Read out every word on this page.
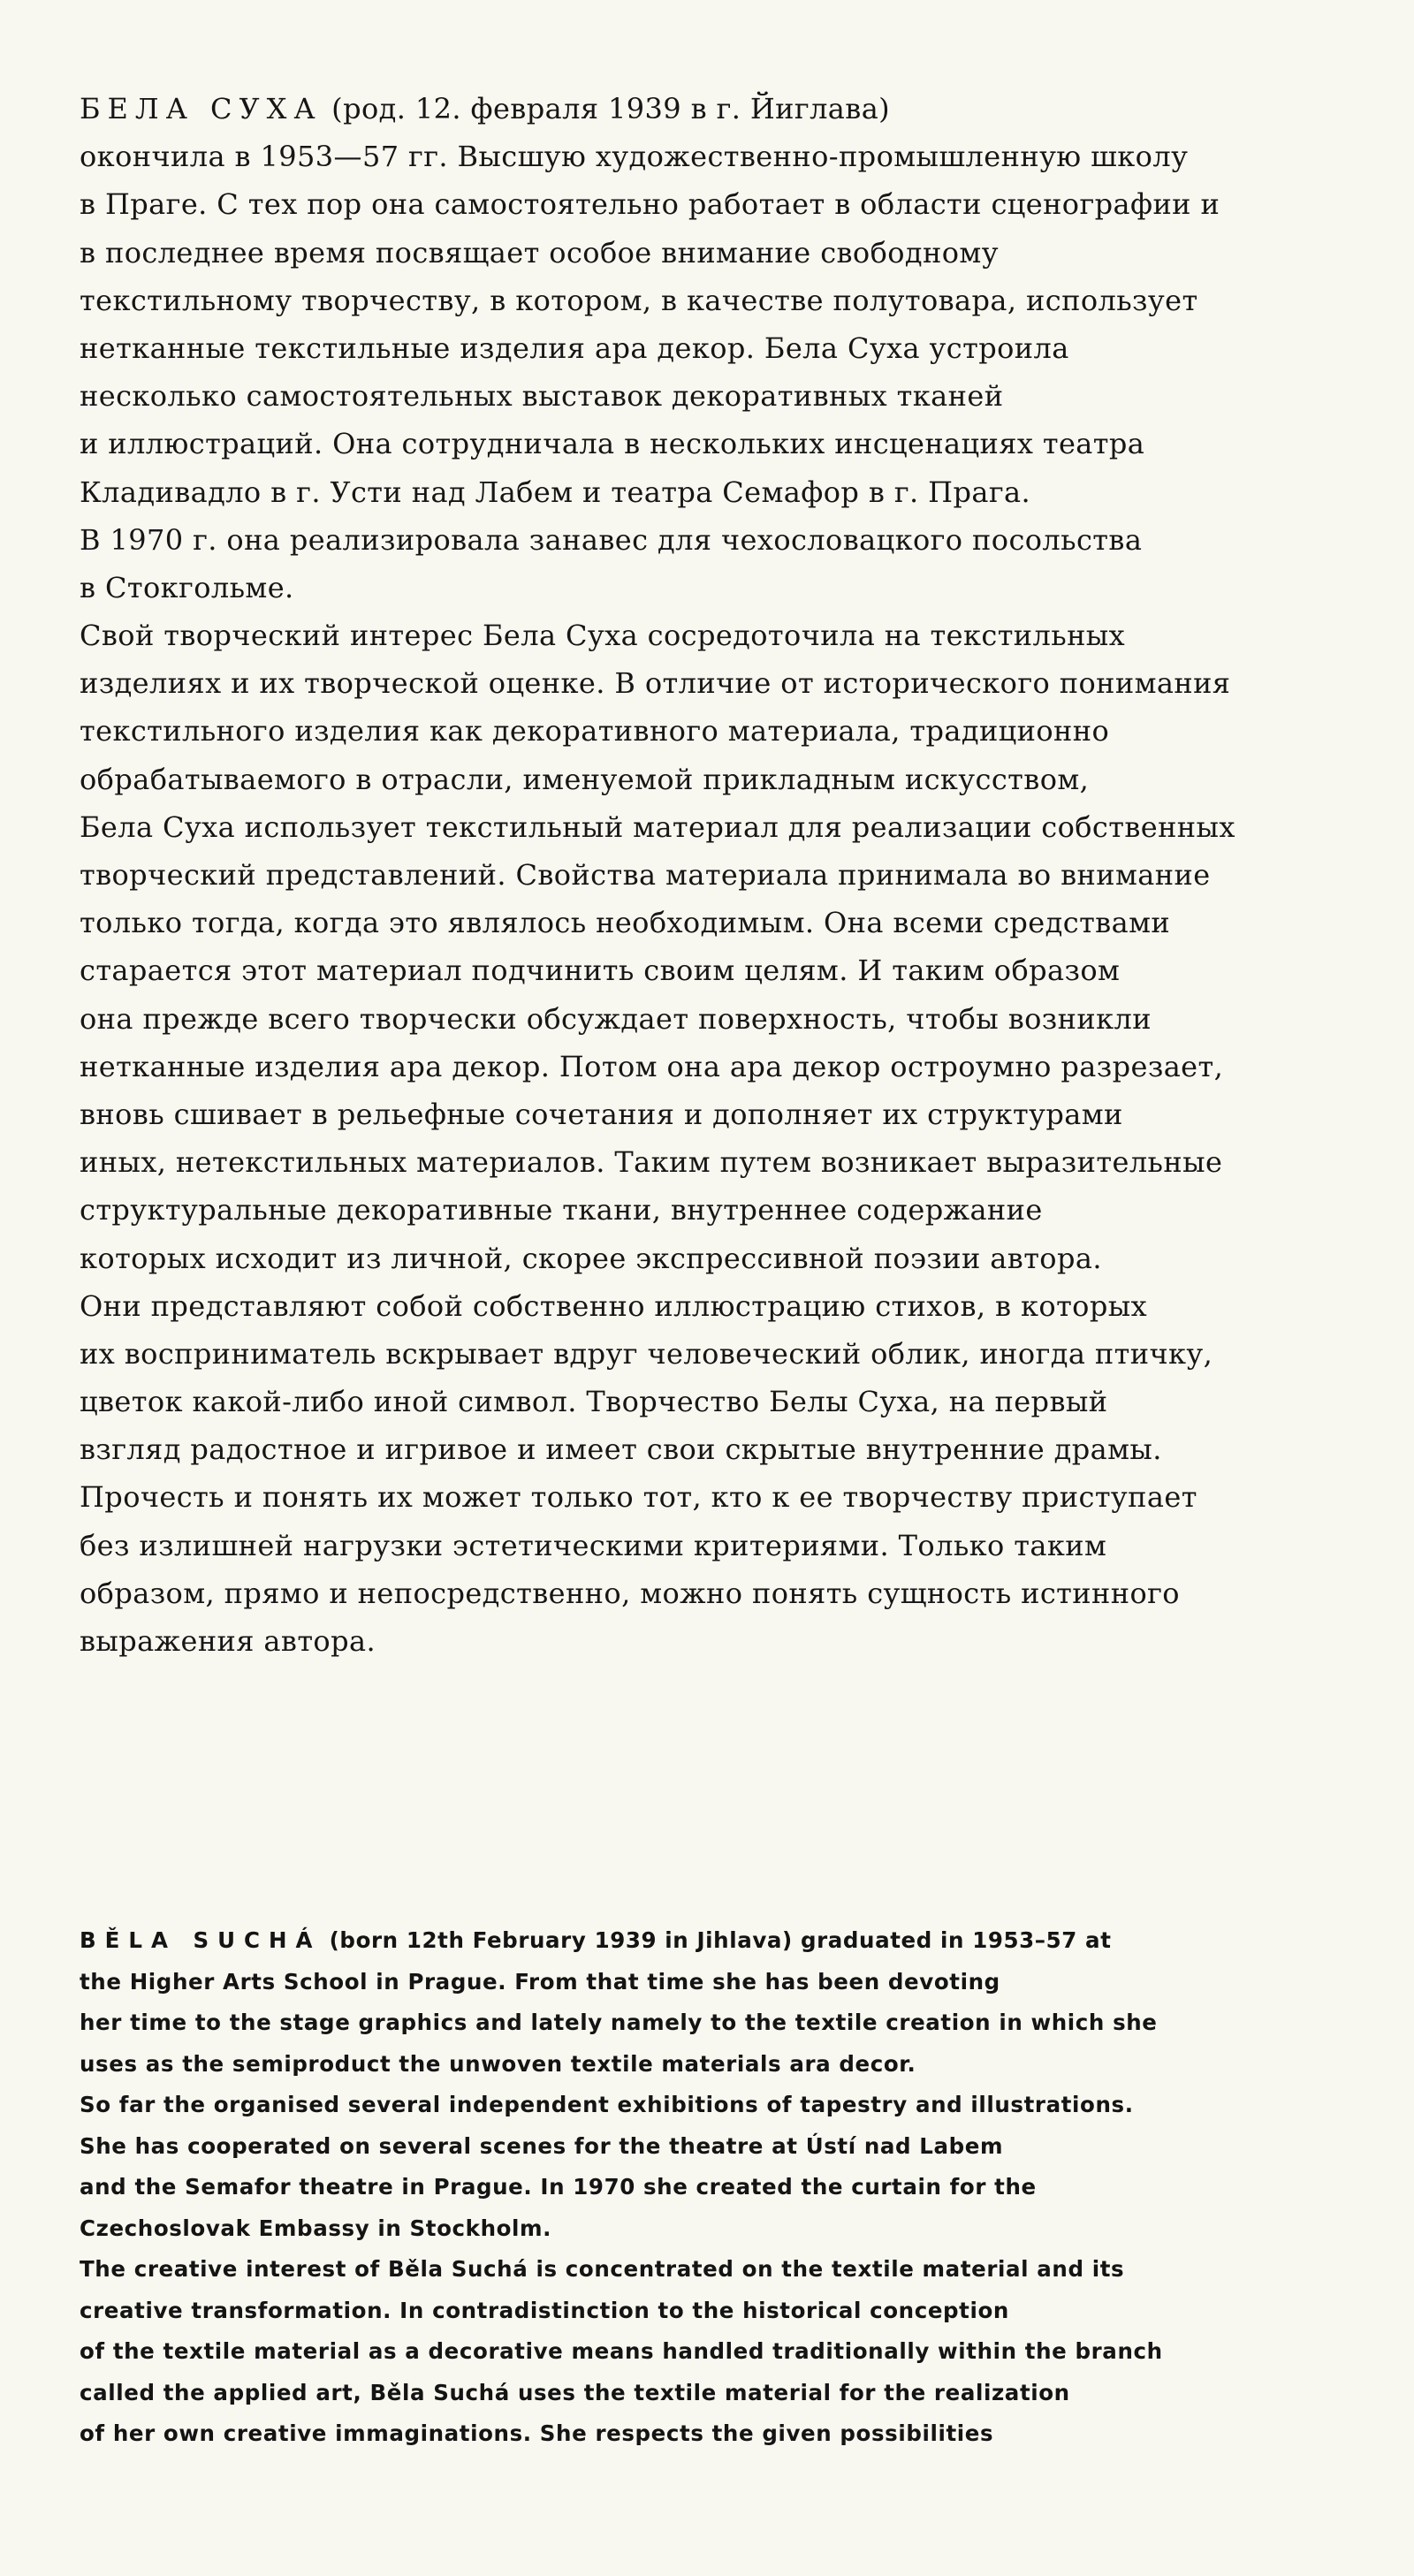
БЕЛА СУХА (род. 12. февраля 1939 в г. Йиглава)
окончила в 1953—57 гг. Высшую художественно-промышленную школу
в Праге. С тех пор она самостоятельно работает в области сценографии и
в последнее время посвящает особое внимание свободному
текстильному творчеству, в котором, в качестве полутовара, использует
нетканные текстильные изделия ара декор. Бела Суха устроила
несколько самостоятельных выставок декоративных тканей
и иллюстраций. Она сотрудничала в нескольких инсценациях театра
Кладивадло в г. Усти над Лабем и театра Семафор в г. Прага.
В 1970 г. она реализировала занавес для чехословацкого посольства
в Стокгольме.
Свой творческий интерес Бела Суха сосредоточила на текстильных
изделиях и их творческой оценке. В отличие от исторического понимания
текстильного изделия как декоративного материала, традиционно
обрабатываемого в отрасли, именуемой прикладным искусством,
Бела Суха использует текстильный материал для реализации собственных
творческий представлений. Свойства материала принимала во внимание
только тогда, когда это являлось необходимым. Она всеми средствами
старается этот материал подчинить своим целям. И таким образом
она прежде всего творчески обсуждает поверхность, чтобы возникли
нетканные изделия ара декор. Потом она ара декор остроумно разрезает,
вновь сшивает в рельефные сочетания и дополняет их структурами
иных, нетекстильных материалов. Таким путем возникает выразительные
структуральные декоративные ткани, внутреннее содержание
которых исходит из личной, скорее экспрессивной поэзии автора.
Они представляют собой собственно иллюстрацию стихов, в которых
их восприниматель вскрывает вдруг человеческий облик, иногда птичку,
цветок какой-либо иной символ. Творчество Белы Суха, на первый
взгляд радостное и игривое и имеет свои скрытые внутренние драмы.
Прочесть и понять их может только тот, кто к ее творчеству приступает
без излишней нагрузки эстетическими критериями. Только таким
образом, прямо и непосредственно, можно понять сущность истинного
выражения автора.
BĚLA SUCHÁ (born 12th February 1939 in Jihlava) graduated in 1953–57 at
the Higher Arts School in Prague. From that time she has been devoting
her time to the stage graphics and lately namely to the textile creation in which she
uses as the semiproduct the unwoven textile materials ara decor.
So far the organised several independent exhibitions of tapestry and illustrations.
She has cooperated on several scenes for the theatre at Ústí nad Labem
and the Semafor theatre in Prague. In 1970 she created the curtain for the
Czechoslovak Embassy in Stockholm.
The creative interest of Běla Suchá is concentrated on the textile material and its
creative transformation. In contradistinction to the historical conception
of the textile material as a decorative means handled traditionally within the branch
called the applied art, Běla Suchá uses the textile material for the realization
of her own creative immaginations. She respects the given possibilities
